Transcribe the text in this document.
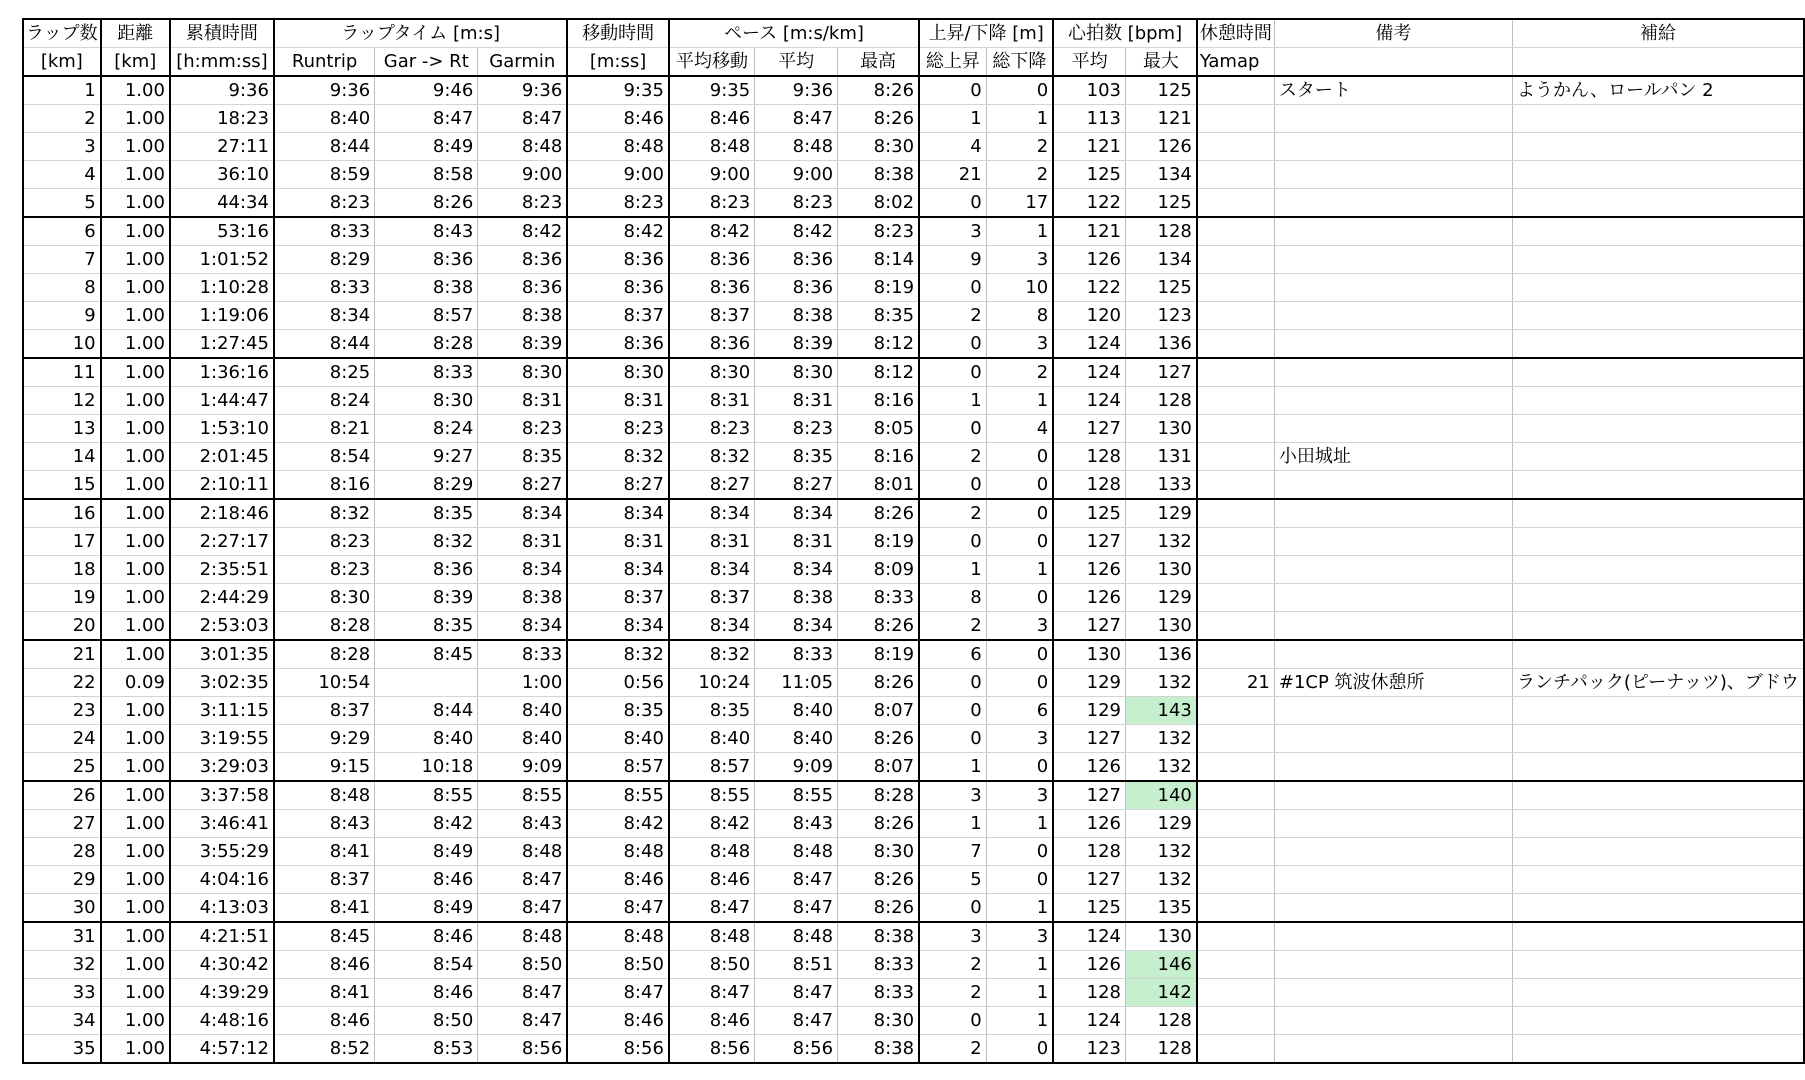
ラップ数	距離	累積時間	ラップタイム [m:s]			移動時間	ペース [m:s/km]			上昇/下降 [m]		心拍数 [bpm]		休憩時間	備考	補給
[km]	[km]	[h:mm:ss]	Runtrip	Gar -> Rt	Garmin	[m:ss]	平均移動	平均	最高	総上昇	総下降	平均	最大	Yamap		
1	1.00	9:36	9:36	9:46	9:36	9:35	9:35	9:36	8:26	0	0	103	125		スタート	ようかん、ロールパン 2
2	1.00	18:23	8:40	8:47	8:47	8:46	8:46	8:47	8:26	1	1	113	121			
3	1.00	27:11	8:44	8:49	8:48	8:48	8:48	8:48	8:30	4	2	121	126			
4	1.00	36:10	8:59	8:58	9:00	9:00	9:00	9:00	8:38	21	2	125	134			
5	1.00	44:34	8:23	8:26	8:23	8:23	8:23	8:23	8:02	0	17	122	125			
6	1.00	53:16	8:33	8:43	8:42	8:42	8:42	8:42	8:23	3	1	121	128			
7	1.00	1:01:52	8:29	8:36	8:36	8:36	8:36	8:36	8:14	9	3	126	134			
8	1.00	1:10:28	8:33	8:38	8:36	8:36	8:36	8:36	8:19	0	10	122	125			
9	1.00	1:19:06	8:34	8:57	8:38	8:37	8:37	8:38	8:35	2	8	120	123			
10	1.00	1:27:45	8:44	8:28	8:39	8:36	8:36	8:39	8:12	0	3	124	136			
11	1.00	1:36:16	8:25	8:33	8:30	8:30	8:30	8:30	8:12	0	2	124	127			
12	1.00	1:44:47	8:24	8:30	8:31	8:31	8:31	8:31	8:16	1	1	124	128			
13	1.00	1:53:10	8:21	8:24	8:23	8:23	8:23	8:23	8:05	0	4	127	130			
14	1.00	2:01:45	8:54	9:27	8:35	8:32	8:32	8:35	8:16	2	0	128	131		小田城址	
15	1.00	2:10:11	8:16	8:29	8:27	8:27	8:27	8:27	8:01	0	0	128	133			
16	1.00	2:18:46	8:32	8:35	8:34	8:34	8:34	8:34	8:26	2	0	125	129			
17	1.00	2:27:17	8:23	8:32	8:31	8:31	8:31	8:31	8:19	0	0	127	132			
18	1.00	2:35:51	8:23	8:36	8:34	8:34	8:34	8:34	8:09	1	1	126	130			
19	1.00	2:44:29	8:30	8:39	8:38	8:37	8:37	8:38	8:33	8	0	126	129			
20	1.00	2:53:03	8:28	8:35	8:34	8:34	8:34	8:34	8:26	2	3	127	130			
21	1.00	3:01:35	8:28	8:45	8:33	8:32	8:32	8:33	8:19	6	0	130	136			
22	0.09	3:02:35	10:54		1:00	0:56	10:24	11:05	8:26	0	0	129	132	21	#1CP 筑波休憩所	ランチパック(ピーナッツ)、ブドウ
23	1.00	3:11:15	8:37	8:44	8:40	8:35	8:35	8:40	8:07	0	6	129	143			
24	1.00	3:19:55	9:29	8:40	8:40	8:40	8:40	8:40	8:26	0	3	127	132			
25	1.00	3:29:03	9:15	10:18	9:09	8:57	8:57	9:09	8:07	1	0	126	132			
26	1.00	3:37:58	8:48	8:55	8:55	8:55	8:55	8:55	8:28	3	3	127	140			
27	1.00	3:46:41	8:43	8:42	8:43	8:42	8:42	8:43	8:26	1	1	126	129			
28	1.00	3:55:29	8:41	8:49	8:48	8:48	8:48	8:48	8:30	7	0	128	132			
29	1.00	4:04:16	8:37	8:46	8:47	8:46	8:46	8:47	8:26	5	0	127	132			
30	1.00	4:13:03	8:41	8:49	8:47	8:47	8:47	8:47	8:26	0	1	125	135			
31	1.00	4:21:51	8:45	8:46	8:48	8:48	8:48	8:48	8:38	3	3	124	130			
32	1.00	4:30:42	8:46	8:54	8:50	8:50	8:50	8:51	8:33	2	1	126	146			
33	1.00	4:39:29	8:41	8:46	8:47	8:47	8:47	8:47	8:33	2	1	128	142			
34	1.00	4:48:16	8:46	8:50	8:47	8:46	8:46	8:47	8:30	0	1	124	128			
35	1.00	4:57:12	8:52	8:53	8:56	8:56	8:56	8:56	8:38	2	0	123	128			
